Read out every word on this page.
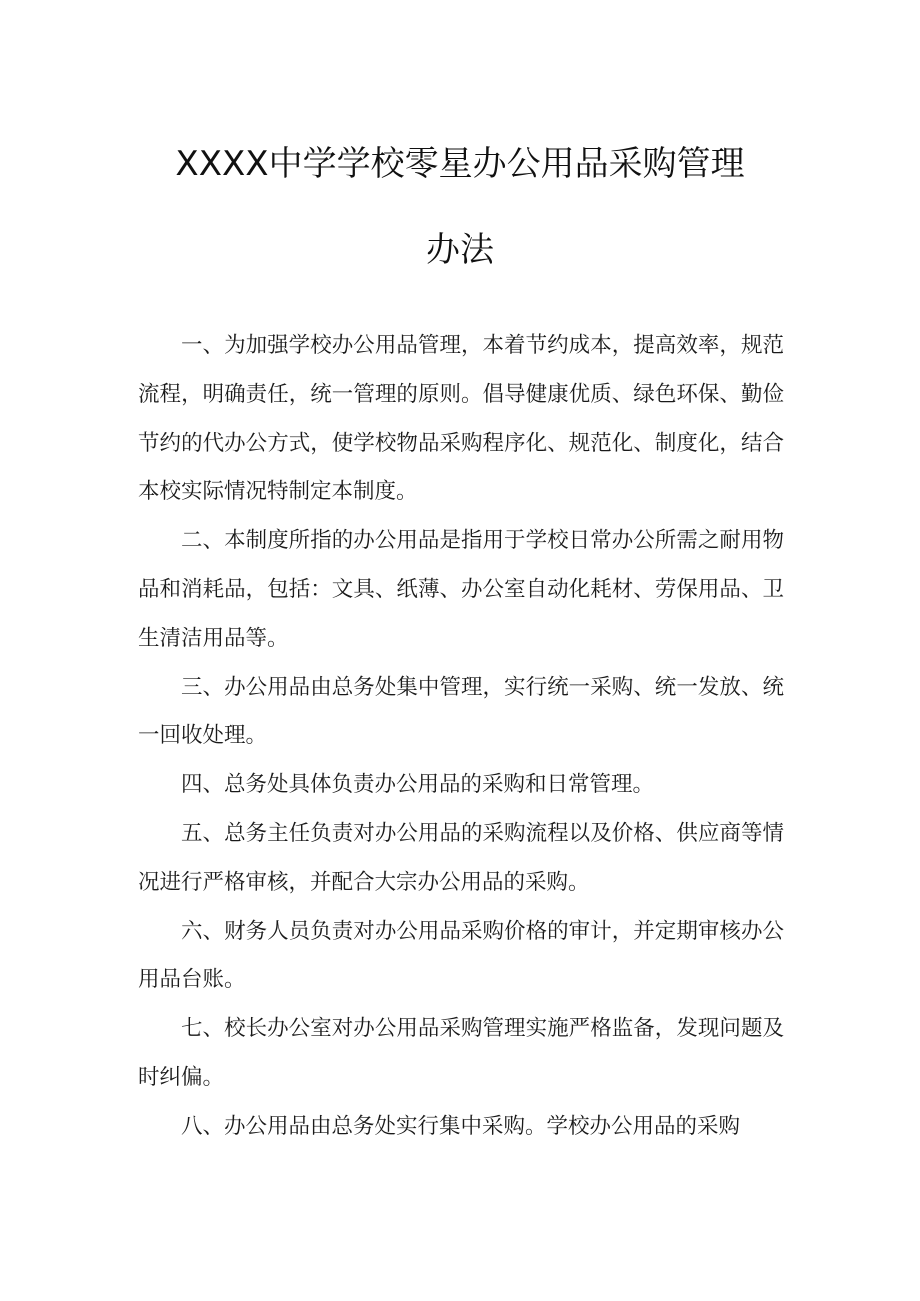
XXXX中学学校零星办公用品采购管理
办法

一、为加强学校办公用品管理，本着节约成本，提高效率，规范流程，明确责任，统一管理的原则。倡导健康优质、绿色环保、勤俭节约的代办公方式，使学校物品采购程序化、规范化、制度化，结合本校实际情况特制定本制度。

二、本制度所指的办公用品是指用于学校日常办公所需之耐用物品和消耗品，包括：文具、纸薄、办公室自动化耗材、劳保用品、卫生清洁用品等。

三、办公用品由总务处集中管理，实行统一采购、统一发放、统一回收处理。

四、总务处具体负责办公用品的采购和日常管理。

五、总务主任负责对办公用品的采购流程以及价格、供应商等情况进行严格审核，并配合大宗办公用品的采购。

六、财务人员负责对办公用品采购价格的审计，并定期审核办公用品台账。

七、校长办公室对办公用品采购管理实施严格监备，发现问题及时纠偏。

八、办公用品由总务处实行集中采购。学校办公用品的采购
